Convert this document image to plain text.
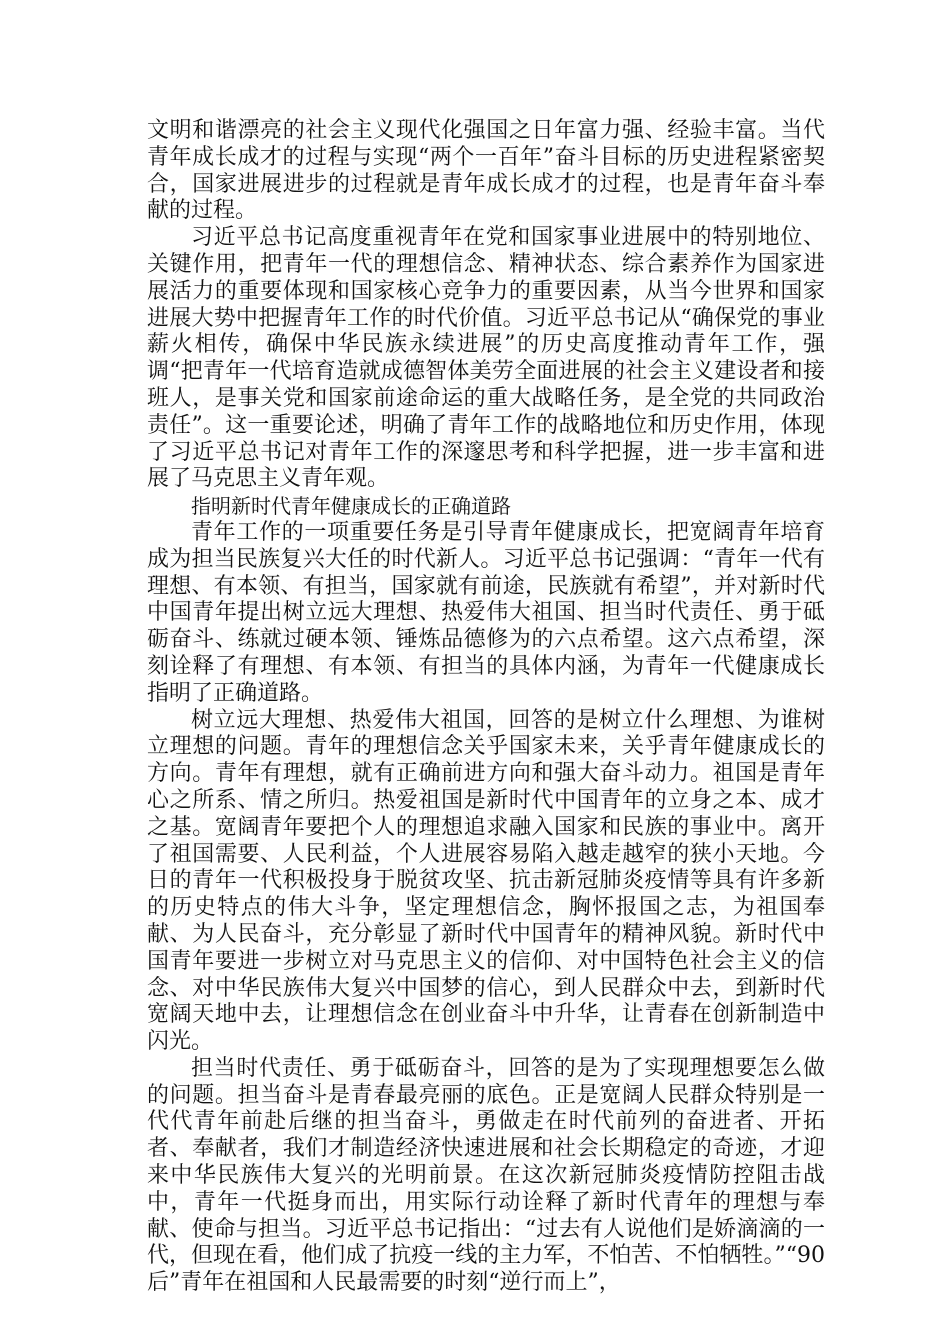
文明和谐漂亮的社会主义现代化强国之日年富力强、经验丰富。当代青年成长成才的过程与实现“两个一百年”奋斗目标的历史进程紧密契合，国家进展进步的过程就是青年成长成才的过程，也是青年奋斗奉献的过程。

习近平总书记高度重视青年在党和国家事业进展中的特别地位、关键作用，把青年一代的理想信念、精神状态、综合素养作为国家进展活力的重要体现和国家核心竞争力的重要因素，从当今世界和国家进展大势中把握青年工作的时代价值。习近平总书记从“确保党的事业薪火相传，确保中华民族永续进展”的历史高度推动青年工作，强调“把青年一代培育造就成德智体美劳全面进展的社会主义建设者和接班人，是事关党和国家前途命运的重大战略任务，是全党的共同政治责任”。这一重要论述，明确了青年工作的战略地位和历史作用，体现了习近平总书记对青年工作的深邃思考和科学把握，进一步丰富和进展了马克思主义青年观。

指明新时代青年健康成长的正确道路

青年工作的一项重要任务是引导青年健康成长，把宽阔青年培育成为担当民族复兴大任的时代新人。习近平总书记强调：“青年一代有理想、有本领、有担当，国家就有前途，民族就有希望”，并对新时代中国青年提出树立远大理想、热爱伟大祖国、担当时代责任、勇于砥砺奋斗、练就过硬本领、锤炼品德修为的六点希望。这六点希望，深刻诠释了有理想、有本领、有担当的具体内涵，为青年一代健康成长指明了正确道路。

树立远大理想、热爱伟大祖国，回答的是树立什么理想、为谁树立理想的问题。青年的理想信念关乎国家未来，关乎青年健康成长的方向。青年有理想，就有正确前进方向和强大奋斗动力。祖国是青年心之所系、情之所归。热爱祖国是新时代中国青年的立身之本、成才之基。宽阔青年要把个人的理想追求融入国家和民族的事业中。离开了祖国需要、人民利益，个人进展容易陷入越走越窄的狭小天地。今日的青年一代积极投身于脱贫攻坚、抗击新冠肺炎疫情等具有许多新的历史特点的伟大斗争，坚定理想信念，胸怀报国之志，为祖国奉献、为人民奋斗，充分彰显了新时代中国青年的精神风貌。新时代中国青年要进一步树立对马克思主义的信仰、对中国特色社会主义的信念、对中华民族伟大复兴中国梦的信心，到人民群众中去，到新时代宽阔天地中去，让理想信念在创业奋斗中升华，让青春在创新制造中闪光。

担当时代责任、勇于砥砺奋斗，回答的是为了实现理想要怎么做的问题。担当奋斗是青春最亮丽的底色。正是宽阔人民群众特别是一代代青年前赴后继的担当奋斗，勇做走在时代前列的奋进者、开拓者、奉献者，我们才制造经济快速进展和社会长期稳定的奇迹，才迎来中华民族伟大复兴的光明前景。在这次新冠肺炎疫情防控阻击战中，青年一代挺身而出，用实际行动诠释了新时代青年的理想与奉献、使命与担当。习近平总书记指出：“过去有人说他们是娇滴滴的一代，但现在看，他们成了抗疫一线的主力军，不怕苦、不怕牺牲。”“90后”青年在祖国和人民最需要的时刻“逆行而上”，
